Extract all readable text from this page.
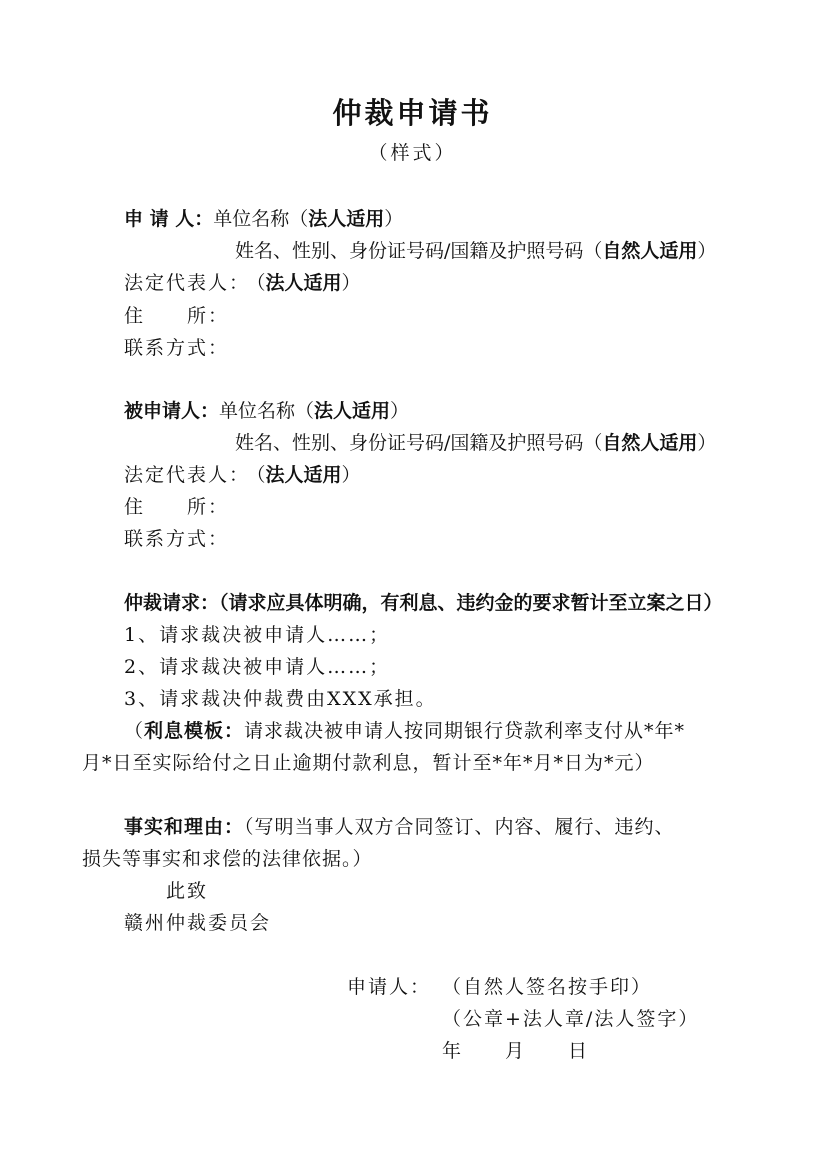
仲裁申请书
（样式）
申 请 人：单位名称（法人适用）
姓名、性别、身份证号码/国籍及护照号码（自然人适用）
法定代表人： （法人适用）
住　　所：
联系方式：
被申请人：单位名称（法人适用）
姓名、性别、身份证号码/国籍及护照号码（自然人适用）
法定代表人： （法人适用）
住　　所：
联系方式：
仲裁请求：（请求应具体明确，有利息、违约金的要求暂计至立案之日）
1、请求裁决被申请人……；
2、请求裁决被申请人……；
3、请求裁决仲裁费由XXX承担。
（利息模板：请求裁决被申请人按同期银行贷款利率支付从*年*
月*日至实际给付之日止逾期付款利息，暂计至*年*月*日为*元）
事实和理由：（写明当事人双方合同签订、内容、履行、违约、
损失等事实和求偿的法律依据。）
此致
赣州仲裁委员会
申请人： （自然人签名按手印）
（公章+法人章/法人签字）
年　　月　　日
